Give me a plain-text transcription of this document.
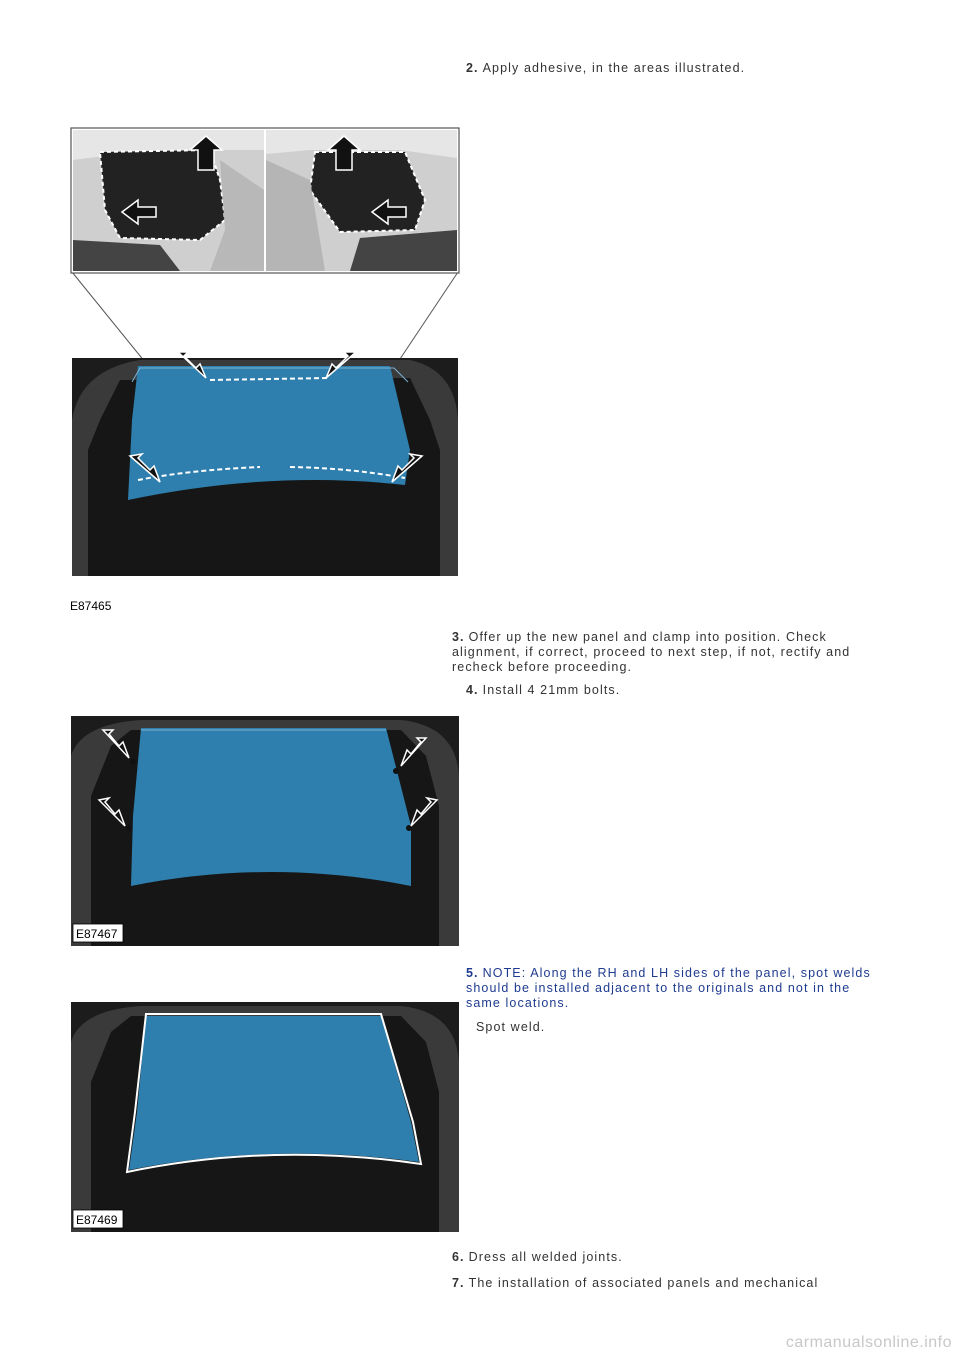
2. Apply adhesive, in the areas illustrated.
E87465
3. Offer up the new panel and clamp into position. Check alignment, if correct, proceed to next step, if not, rectify and recheck before proceeding.
4. Install 4 21mm bolts.
E87467
5. NOTE: Along the RH and LH sides of the panel, spot welds should be installed adjacent to the originals and not in the same locations.
Spot weld.
E87469
6. Dress all welded joints.
7. The installation of associated panels and mechanical
carmanualsonline.info
